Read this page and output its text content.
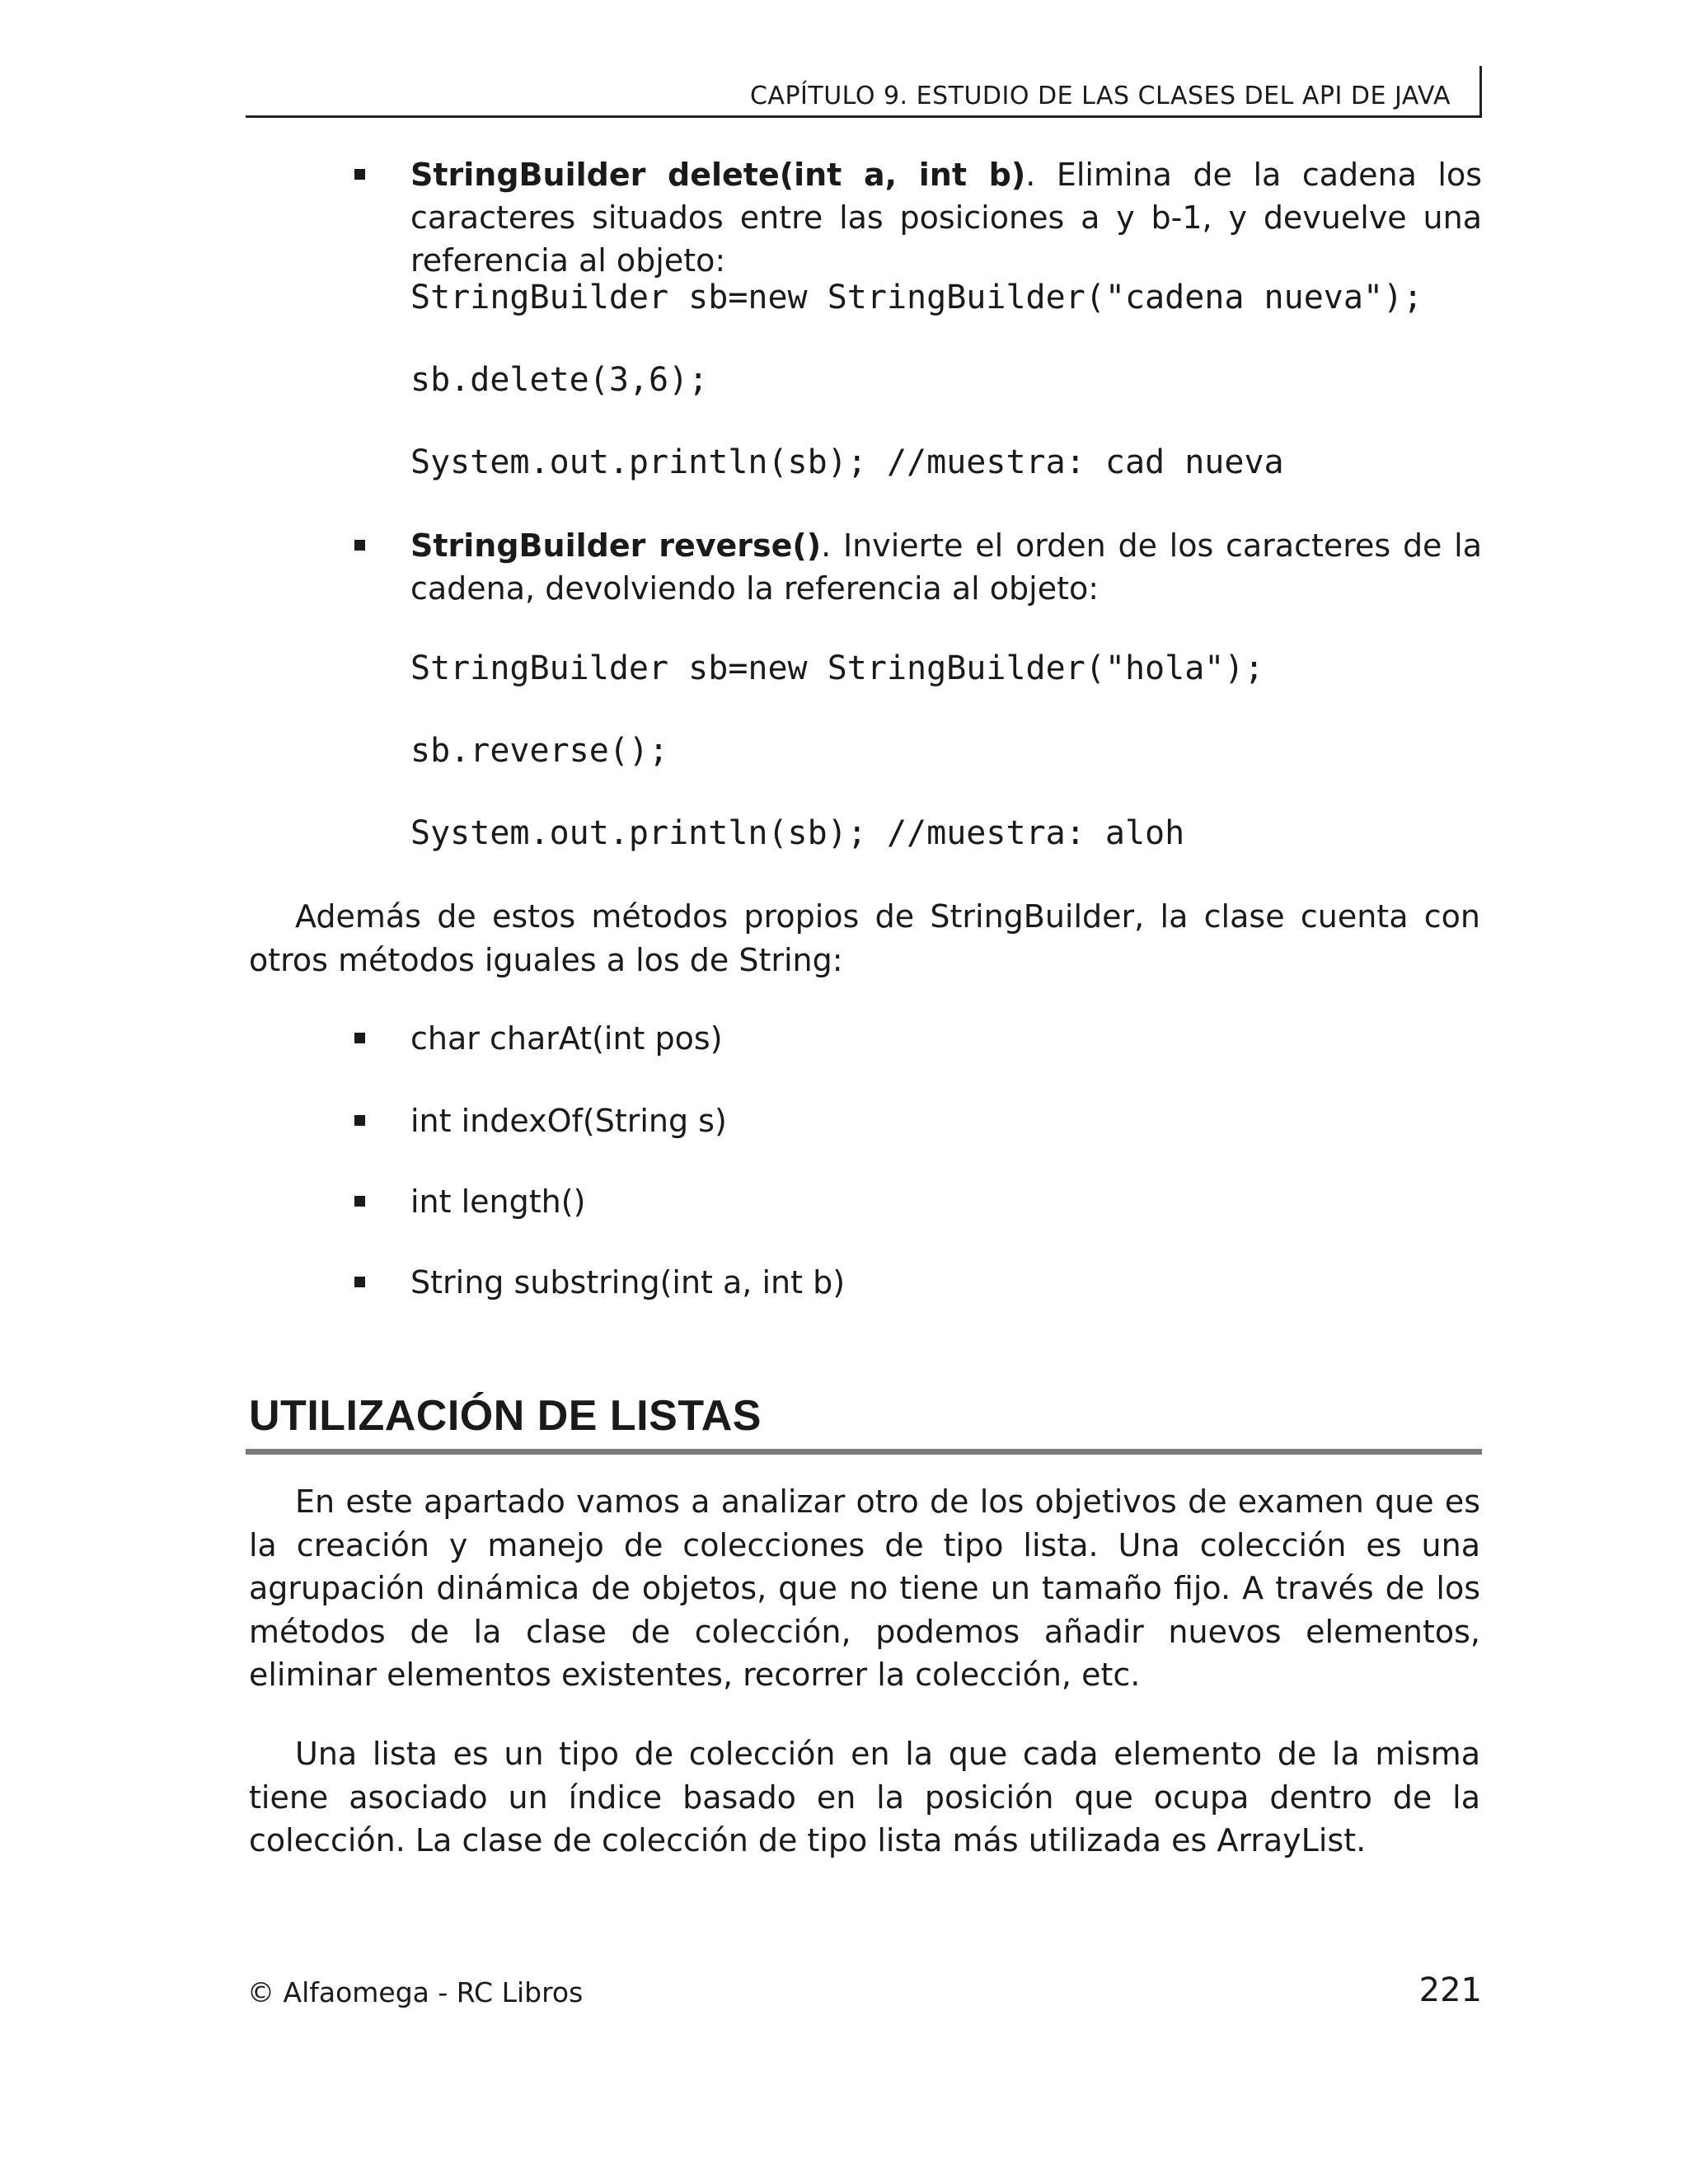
CAPÍTULO 9. ESTUDIO DE LAS CLASES DEL API DE JAVA

StringBuilder delete(int a, int b). Elimina de la cadena los caracteres situados entre las posiciones a y b-1, y devuelve una referencia al objeto:

StringBuilder sb=new StringBuilder("cadena nueva");
sb.delete(3,6);
System.out.println(sb); //muestra: cad nueva

StringBuilder reverse(). Invierte el orden de los caracteres de la cadena, devolviendo la referencia al objeto:

StringBuilder sb=new StringBuilder("hola");
sb.reverse();
System.out.println(sb); //muestra: aloh

Además de estos métodos propios de StringBuilder, la clase cuenta con otros métodos iguales a los de String:

char charAt(int pos)
int indexOf(String s)
int length()
String substring(int a, int b)
UTILIZACIÓN DE LISTAS

En este apartado vamos a analizar otro de los objetivos de examen que es la creación y manejo de colecciones de tipo lista. Una colección es una agrupación dinámica de objetos, que no tiene un tamaño fijo. A través de los métodos de la clase de colección, podemos añadir nuevos elementos, eliminar elementos existentes, recorrer la colección, etc.

Una lista es un tipo de colección en la que cada elemento de la misma tiene asociado un índice basado en la posición que ocupa dentro de la colección. La clase de colección de tipo lista más utilizada es ArrayList.

© Alfaomega - RC Libros	221
